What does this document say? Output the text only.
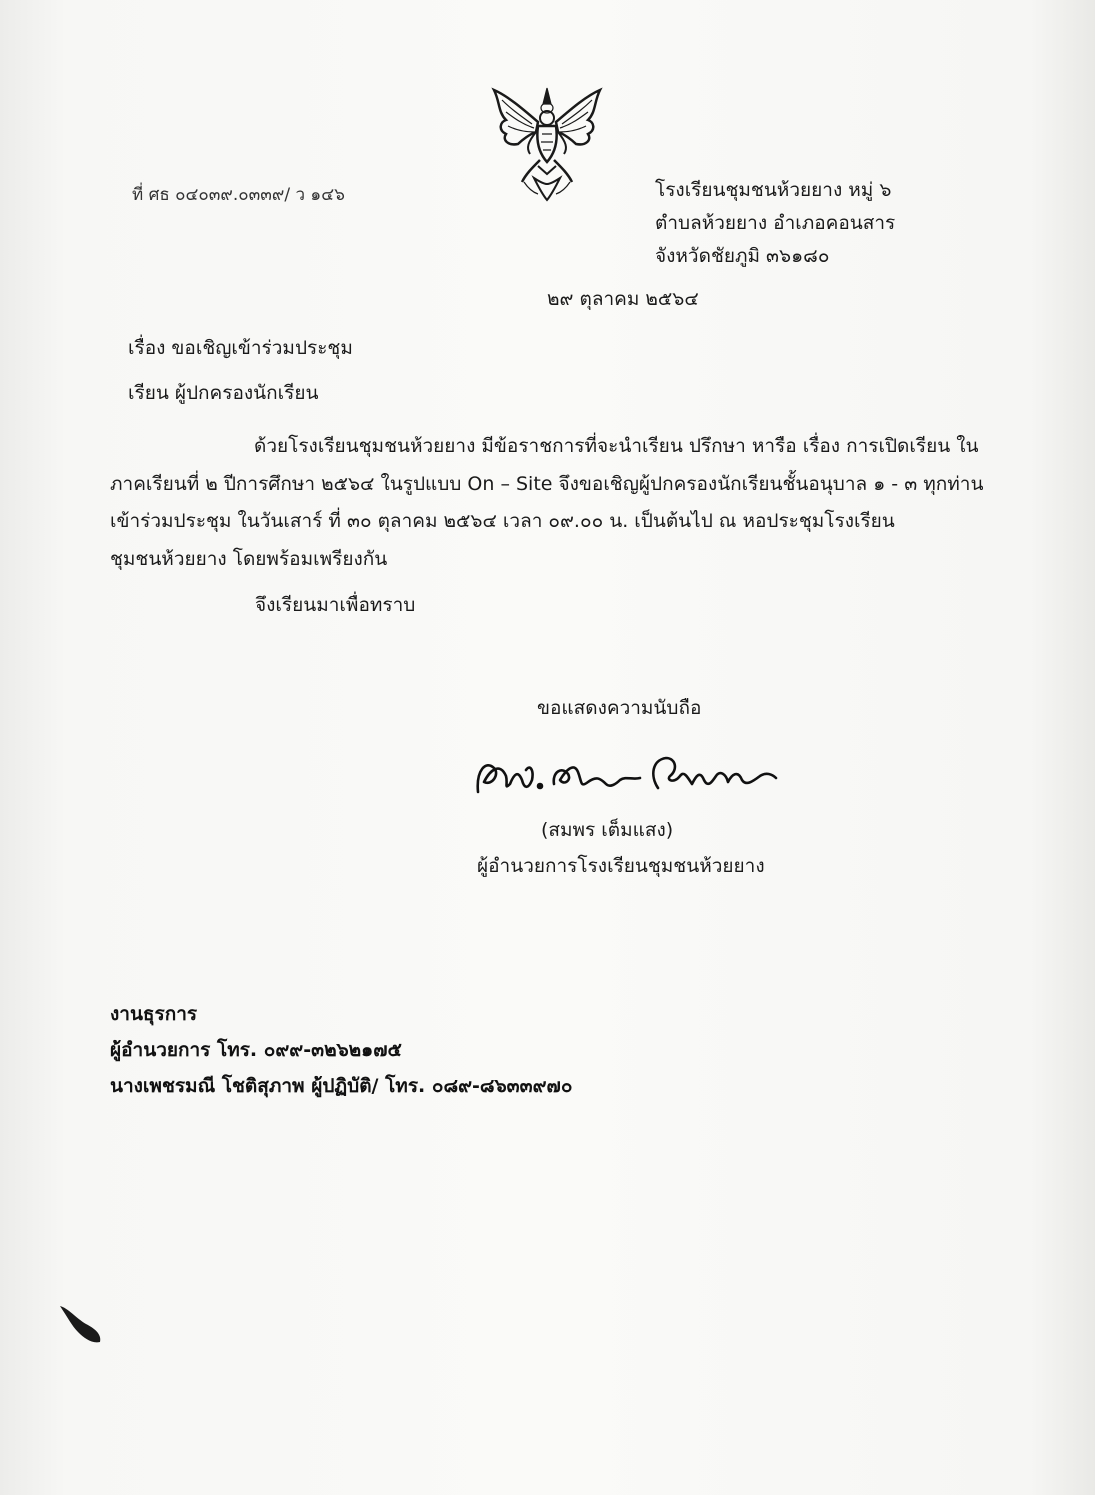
ที่ ศธ ๐๔๐๓๙.๐๓๓๙/ ว ๑๔๖	โรงเรียนชุมชนห้วยยาง หมู่ ๖
ตำบลห้วยยาง อำเภอคอนสาร
จังหวัดชัยภูมิ ๓๖๑๘๐
๒๙ ตุลาคม ๒๕๖๔
เรื่อง ขอเชิญเข้าร่วมประชุม
เรียน ผู้ปกครองนักเรียน
ด้วยโรงเรียนชุมชนห้วยยาง มีข้อราชการที่จะนำเรียน ปรึกษา หารือ เรื่อง การเปิดเรียน ใน
ภาคเรียนที่ ๒ ปีการศึกษา ๒๕๖๔ ในรูปแบบ On – Site จึงขอเชิญผู้ปกครองนักเรียนชั้นอนุบาล ๑ - ๓ ทุกท่าน
เข้าร่วมประชุม ในวันเสาร์ ที่ ๓๐ ตุลาคม ๒๕๖๔ เวลา ๐๙.๐๐ น. เป็นต้นไป ณ หอประชุมโรงเรียน
ชุมชนห้วยยาง โดยพร้อมเพรียงกัน
จึงเรียนมาเพื่อทราบ
ขอแสดงความนับถือ
(สมพร เต็มแสง)
ผู้อำนวยการโรงเรียนชุมชนห้วยยาง
งานธุรการ
ผู้อำนวยการ โทร. ๐๙๙-๓๒๖๒๑๗๕
นางเพชรมณี โชติสุภาพ ผู้ปฏิบัติ/ โทร. ๐๘๙-๘๖๓๓๙๗๐
